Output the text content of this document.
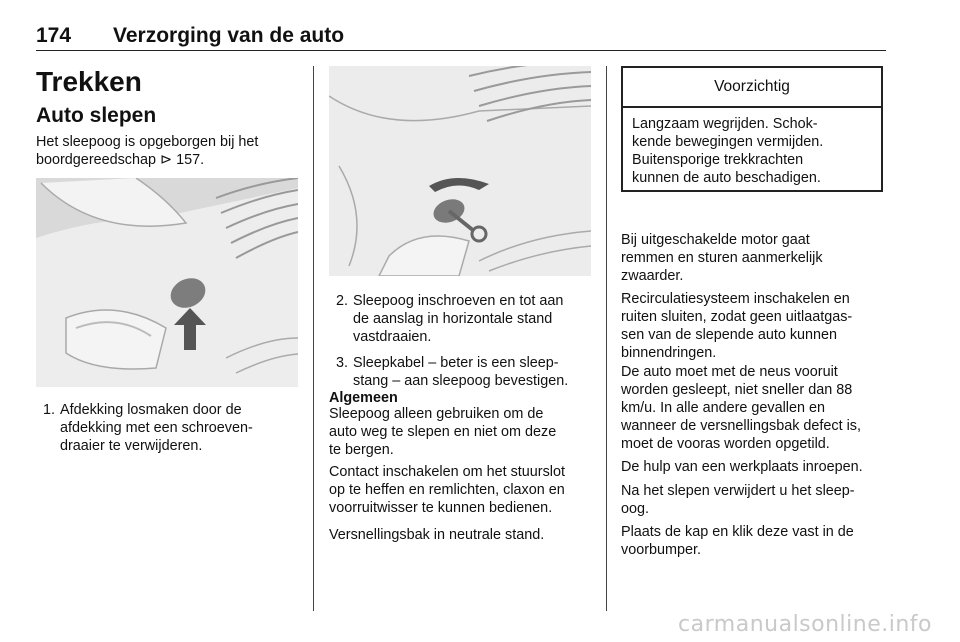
174 Verzorging van de auto
Trekken
Auto slepen
Het sleepoog is opgeborgen bij het
boordgereedschap ⊳ 157.
1. Afdekking losmaken door de
afdekking met een schroeven-
draaier te verwijderen.
2. Sleepoog inschroeven en tot aan
de aanslag in horizontale stand
vastdraaien.
3. Sleepkabel – beter is een sleep-
stang – aan sleepoog bevestigen.
Algemeen
Sleepoog alleen gebruiken om de
auto weg te slepen en niet om deze
te bergen.
Contact inschakelen om het stuurslot
op te heffen en remlichten, claxon en
voorruitwisser te kunnen bedienen.
Versnellingsbak in neutrale stand.
Voorzichtig
Langzaam wegrijden. Schok-
kende bewegingen vermijden.
Buitensporige trekkrachten
kunnen de auto beschadigen.
Bij uitgeschakelde motor gaat
remmen en sturen aanmerkelijk
zwaarder.
Recirculatiesysteem inschakelen en
ruiten sluiten, zodat geen uitlaatgas-
sen van de slepende auto kunnen
binnendringen.
De auto moet met de neus vooruit
worden gesleept, niet sneller dan 88
km/u. In alle andere gevallen en
wanneer de versnellingsbak defect is,
moet de vooras worden opgetild.
De hulp van een werkplaats inroepen.
Na het slepen verwijdert u het sleep-
oog.
Plaats de kap en klik deze vast in de
voorbumper.
carmanualsonline.info
